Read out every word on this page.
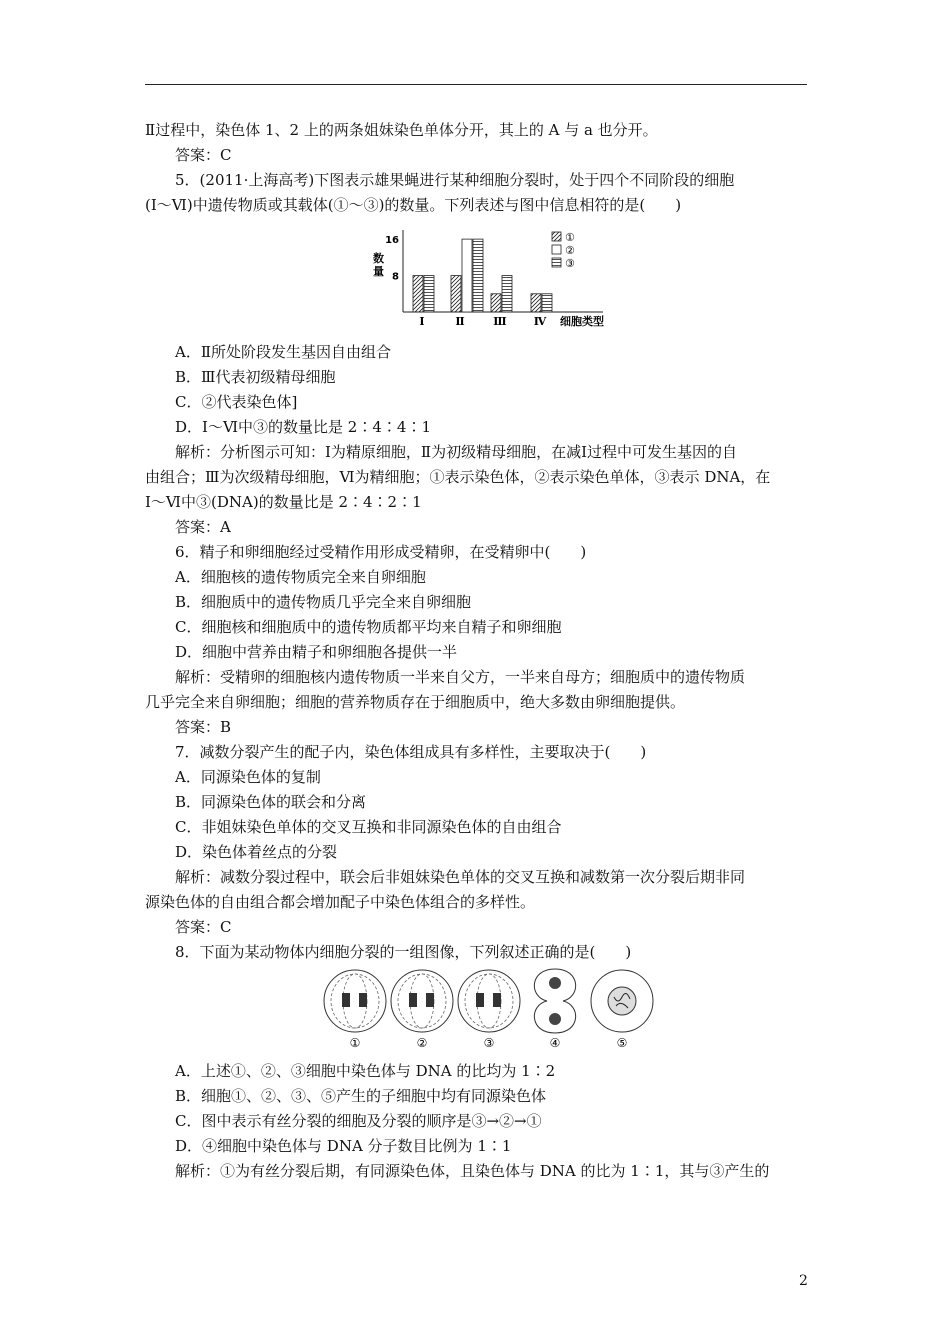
Ⅱ过程中，染色体 1、2 上的两条姐妹染色单体分开，其上的 A 与 a 也分开。
答案：C
5．(2011·上海高考)下图表示雄果蝇进行某种细胞分裂时，处于四个不同阶段的细胞
(Ⅰ～Ⅵ)中遗传物质或其载体(①～③)的数量。下列表述与图中信息相符的是(　　)
16
8
数
量
Ⅰ	Ⅱ	Ⅲ Ⅳ 细胞类型
①
②
③
A．Ⅱ所处阶段发生基因自由组合
B．Ⅲ代表初级精母细胞
C．②代表染色体]
D．Ⅰ～Ⅵ中③的数量比是 2∶4∶4∶1
解析：分析图示可知：Ⅰ为精原细胞，Ⅱ为初级精母细胞，在减Ⅰ过程中可发生基因的自
由组合；Ⅲ为次级精母细胞，Ⅵ为精细胞；①表示染色体，②表示染色单体，③表示 DNA，在
Ⅰ～Ⅵ中③(DNA)的数量比是 2∶4∶2∶1
答案：A
6．精子和卵细胞经过受精作用形成受精卵，在受精卵中(　　)
A．细胞核的遗传物质完全来自卵细胞
B．细胞质中的遗传物质几乎完全来自卵细胞
C．细胞核和细胞质中的遗传物质都平均来自精子和卵细胞
D．细胞中营养由精子和卵细胞各提供一半
解析：受精卵的细胞核内遗传物质一半来自父方，一半来自母方；细胞质中的遗传物质
几乎完全来自卵细胞；细胞的营养物质存在于细胞质中，绝大多数由卵细胞提供。
答案：B
7．减数分裂产生的配子内，染色体组成具有多样性，主要取决于(　　)
A．同源染色体的复制
B．同源染色体的联会和分离
C．非姐妹染色单体的交叉互换和非同源染色体的自由组合
D．染色体着丝点的分裂
解析：减数分裂过程中，联会后非姐妹染色单体的交叉互换和减数第一次分裂后期非同
源染色体的自由组合都会增加配子中染色体组合的多样性。
答案：C
8．下面为某动物体内细胞分裂的一组图像，下列叙述正确的是(　　)
①	②	③	④	⑤
A．上述①、②、③细胞中染色体与 DNA 的比均为 1∶2
B．细胞①、②、③、⑤产生的子细胞中均有同源染色体
C．图中表示有丝分裂的细胞及分裂的顺序是③→②→①
D．④细胞中染色体与 DNA 分子数目比例为 1∶1
解析：①为有丝分裂后期，有同源染色体，且染色体与 DNA 的比为 1∶1，其与③产生的
2
